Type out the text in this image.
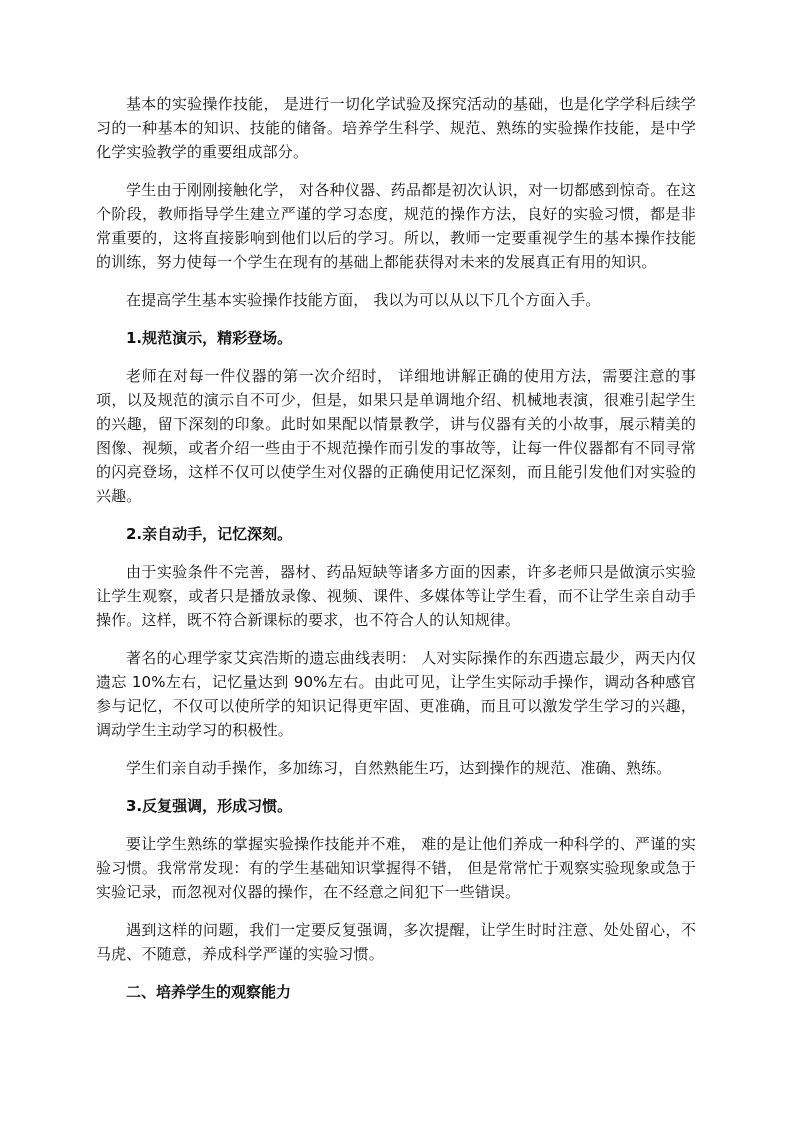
基本的实验操作技能， 是进行一切化学试验及探究活动的基础，也是化学学科后续学习的一种基本的知识、技能的储备。培养学生科学、规范、熟练的实验操作技能，是中学化学实验教学的重要组成部分。

学生由于刚刚接触化学， 对各种仪器、药品都是初次认识，对一切都感到惊奇。在这个阶段，教师指导学生建立严谨的学习态度，规范的操作方法，良好的实验习惯，都是非常重要的，这将直接影响到他们以后的学习。所以，教师一定要重视学生的基本操作技能的训练，努力使每一个学生在现有的基础上都能获得对未来的发展真正有用的知识。

在提高学生基本实验操作技能方面， 我以为可以从以下几个方面入手。

1.规范演示，精彩登场。

老师在对每一件仪器的第一次介绍时， 详细地讲解正确的使用方法，需要注意的事项，以及规范的演示自不可少，但是，如果只是单调地介绍、机械地表演，很难引起学生的兴趣，留下深刻的印象。此时如果配以情景教学，讲与仪器有关的小故事，展示精美的图像、视频，或者介绍一些由于不规范操作而引发的事故等，让每一件仪器都有不同寻常的闪亮登场，这样不仅可以使学生对仪器的正确使用记忆深刻，而且能引发他们对实验的兴趣。

2.亲自动手，记忆深刻。

由于实验条件不完善，器材、药品短缺等诸多方面的因素，许多老师只是做演示实验让学生观察，或者只是播放录像、视频、课件、多媒体等让学生看，而不让学生亲自动手操作。这样，既不符合新课标的要求，也不符合人的认知规律。

著名的心理学家艾宾浩斯的遗忘曲线表明： 人对实际操作的东西遗忘最少，两天内仅遗忘 10%左右，记忆量达到 90%左右。由此可见，让学生实际动手操作，调动各种感官参与记忆，不仅可以使所学的知识记得更牢固、更准确，而且可以激发学生学习的兴趣，调动学生主动学习的积极性。

学生们亲自动手操作，多加练习，自然熟能生巧，达到操作的规范、准确、熟练。

3.反复强调，形成习惯。

要让学生熟练的掌握实验操作技能并不难， 难的是让他们养成一种科学的、严谨的实验习惯。我常常发现：有的学生基础知识掌握得不错， 但是常常忙于观察实验现象或急于实验记录，而忽视对仪器的操作，在不经意之间犯下一些错误。

遇到这样的问题，我们一定要反复强调，多次提醒，让学生时时注意、处处留心，不马虎、不随意，养成科学严谨的实验习惯。

二、培养学生的观察能力
